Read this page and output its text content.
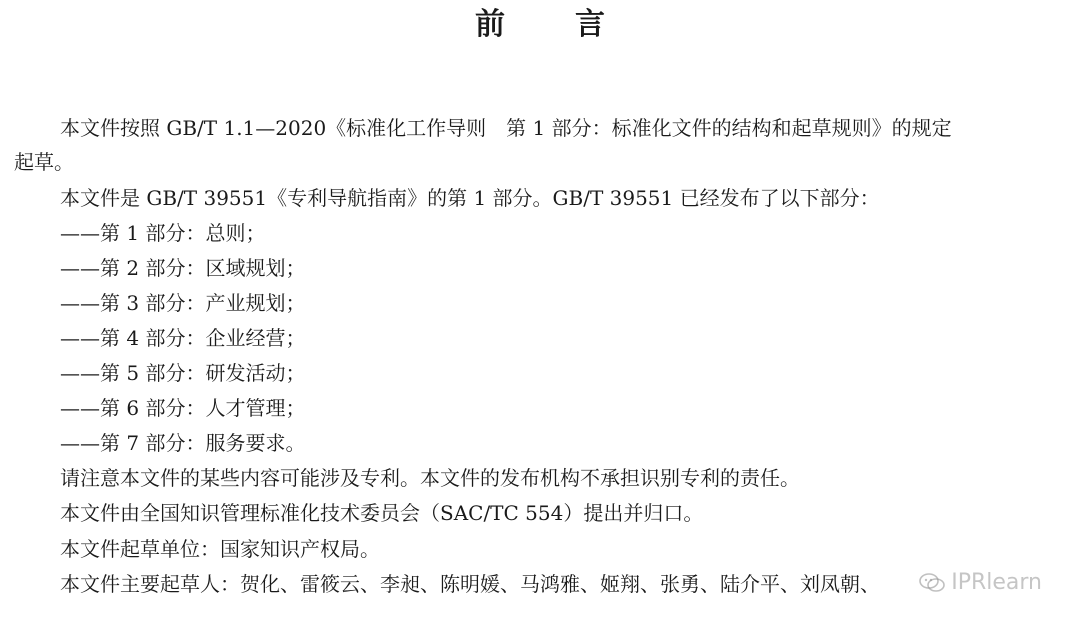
前 言
本文件按照 GB/T 1.1—2020《标准化工作导则　第 1 部分：标准化文件的结构和起草规则》的规定
起草。
本文件是 GB/T 39551《专利导航指南》的第 1 部分。GB/T 39551 已经发布了以下部分：
——第 1 部分：总则；
——第 2 部分：区域规划；
——第 3 部分：产业规划；
——第 4 部分：企业经营；
——第 5 部分：研发活动；
——第 6 部分：人才管理；
——第 7 部分：服务要求。
请注意本文件的某些内容可能涉及专利。本文件的发布机构不承担识别专利的责任。
本文件由全国知识管理标准化技术委员会（SAC/TC 554）提出并归口。
本文件起草单位：国家知识产权局。
本文件主要起草人：贺化、雷筱云、李昶、陈明媛、马鸿雅、姬翔、张勇、陆介平、刘凤朝、	IPRlearn
